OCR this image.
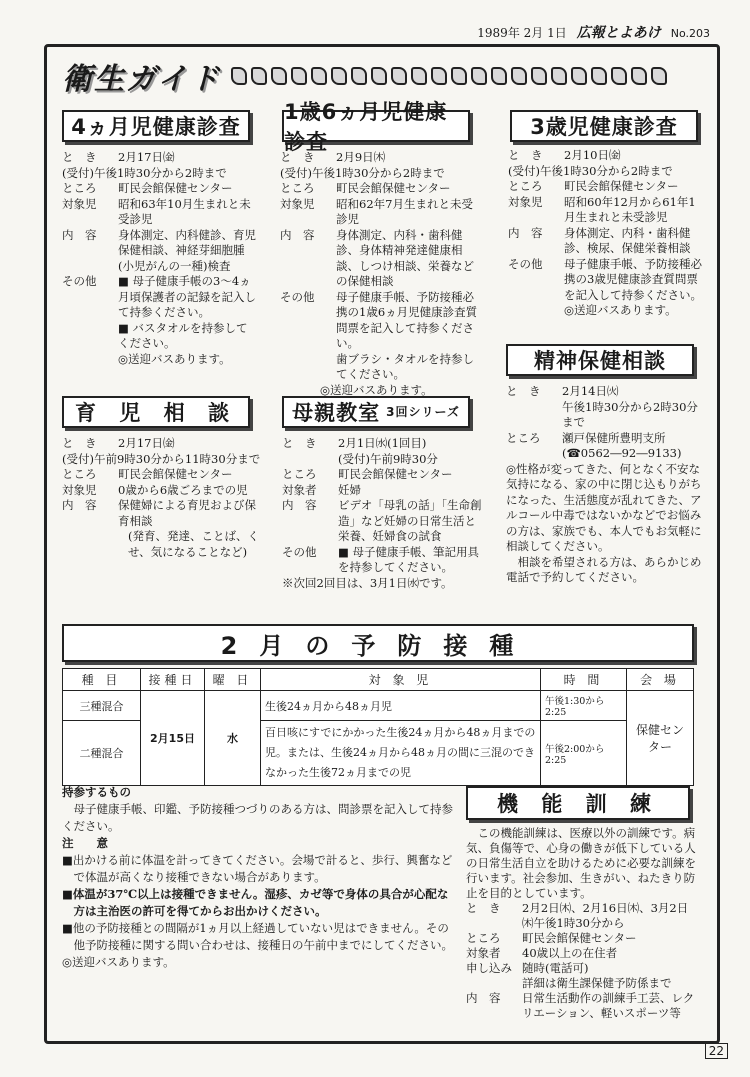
1989年 2月 1日 広報とよあけ No.203
衛生ガイド
4ヵ月児健康診査
と　き	2月17日㈮
(受付)午後1時30分から2時まで
ところ	町民会館保健センター
対象児	昭和63年10月生まれと未受診児
内　容	身体測定、内科健診、育児保健相談、神経芽細胞腫(小児がんの一種)検査
その他	■ 母子健康手帳の3〜4ヵ月頃保護者の記録を記入して持参ください。
■ バスタオルを持参してください。
◎送迎バスあります。
1歳6ヵ月児健康診査
と　き	2月9日㈭
(受付)午後1時30分から2時まで
ところ	町民会館保健センター
対象児	昭和62年7月生まれと未受診児
内　容	身体測定、内科・歯科健診、身体精神発達健康相談、しつけ相談、栄養などの保健相談
その他	母子健康手帳、予防接種必携の1歳6ヵ月児健康診査質問票を記入して持参ください。
歯ブラシ・タオルを持参してください。
◎送迎バスあります。
3歳児健康診査
と　き	2月10日㈮
(受付)午後1時30分から2時まで
ところ	町民会館保健センター
対象児	昭和60年12月から61年1月生まれと未受診児
内　容	身体測定、内科・歯科健診、検尿、保健栄養相談
その他	母子健康手帳、予防接種必携の3歳児健康診査質問票を記入して持参ください。
◎送迎バスあります。
精神保健相談
と　き	2月14日㈫
午後1時30分から2時30分まで
ところ	瀬戸保健所豊明支所
(☎0562―92―9133)
◎性格が変ってきた、何となく不安な気持になる、家の中に閉じ込もりがちになった、生活態度が乱れてきた、アルコール中毒ではないかなどでお悩みの方は、家族でも、本人でもお気軽に相談してください。
相談を希望される方は、あらかじめ電話で予約してください。
育 児 相 談
と　き	2月17日㈮
(受付)午前9時30分から11時30分まで
ところ	町民会館保健センター
対象児	0歳から6歳ごろまでの児
内　容	保健婦による育児および保育相談
(発育、発達、ことば、くせ、気になることなど)
母親教室 3回シリーズ
と　き	2月1日㈬(1回目)
(受付)午前9時30分
ところ	町民会館保健センター
対象者	妊婦
内　容	ビデオ「母乳の話」「生命創造」など妊婦の日常生活と栄養、妊婦食の試食
その他	■ 母子健康手帳、筆記用具を持参してください。
※次回2回目は、3月1日㈬です。
2月の予防接種
種 目	接種日	曜 日	対 象 児	時 間	会 場
三種混合	2月15日	水	生後24ヵ月から48ヵ月児	午後1:30から2:25	保健センター
二種混合			百日咳にすでにかかった生後24ヵ月から48ヵ月までの児。または、生後24ヵ月から48ヵ月の間に三混のできなかった生後72ヵ月までの児	午後2:00から2:25	
持参するもの
母子健康手帳、印鑑、予防接種つづりのある方は、問診票を記入して持参ください。
注　　意
■出かける前に体温を計ってきてください。会場で計ると、歩行、興奮などで体温が高くなり接種できない場合があります。
■体温が37℃以上は接種できません。湿疹、カゼ等で身体の具合が心配な方は主治医の許可を得てからお出かけください。
■他の予防接種との間隔が1ヵ月以上経過していない児はできません。その他予防接種に関する問い合わせは、接種日の午前中までにしてください。
◎送迎バスあります。
機 能 訓 練
この機能訓練は、医療以外の訓練です。病気、負傷等で、心身の働きが低下している人の日常生活自立を助けるために必要な訓練を行います。社会参加、生きがい、ねたきり防止を目的としています。
と　き	2月2日㈭、2月16日㈭、3月2日㈭午後1時30分から
ところ	町民会館保健センター
対象者	40歳以上の在住者
申し込み 随時(電話可)
詳細は衛生課保健予防係まで
内　容	日常生活動作の訓練手工芸、レクリエーション、軽いスポーツ等
22
